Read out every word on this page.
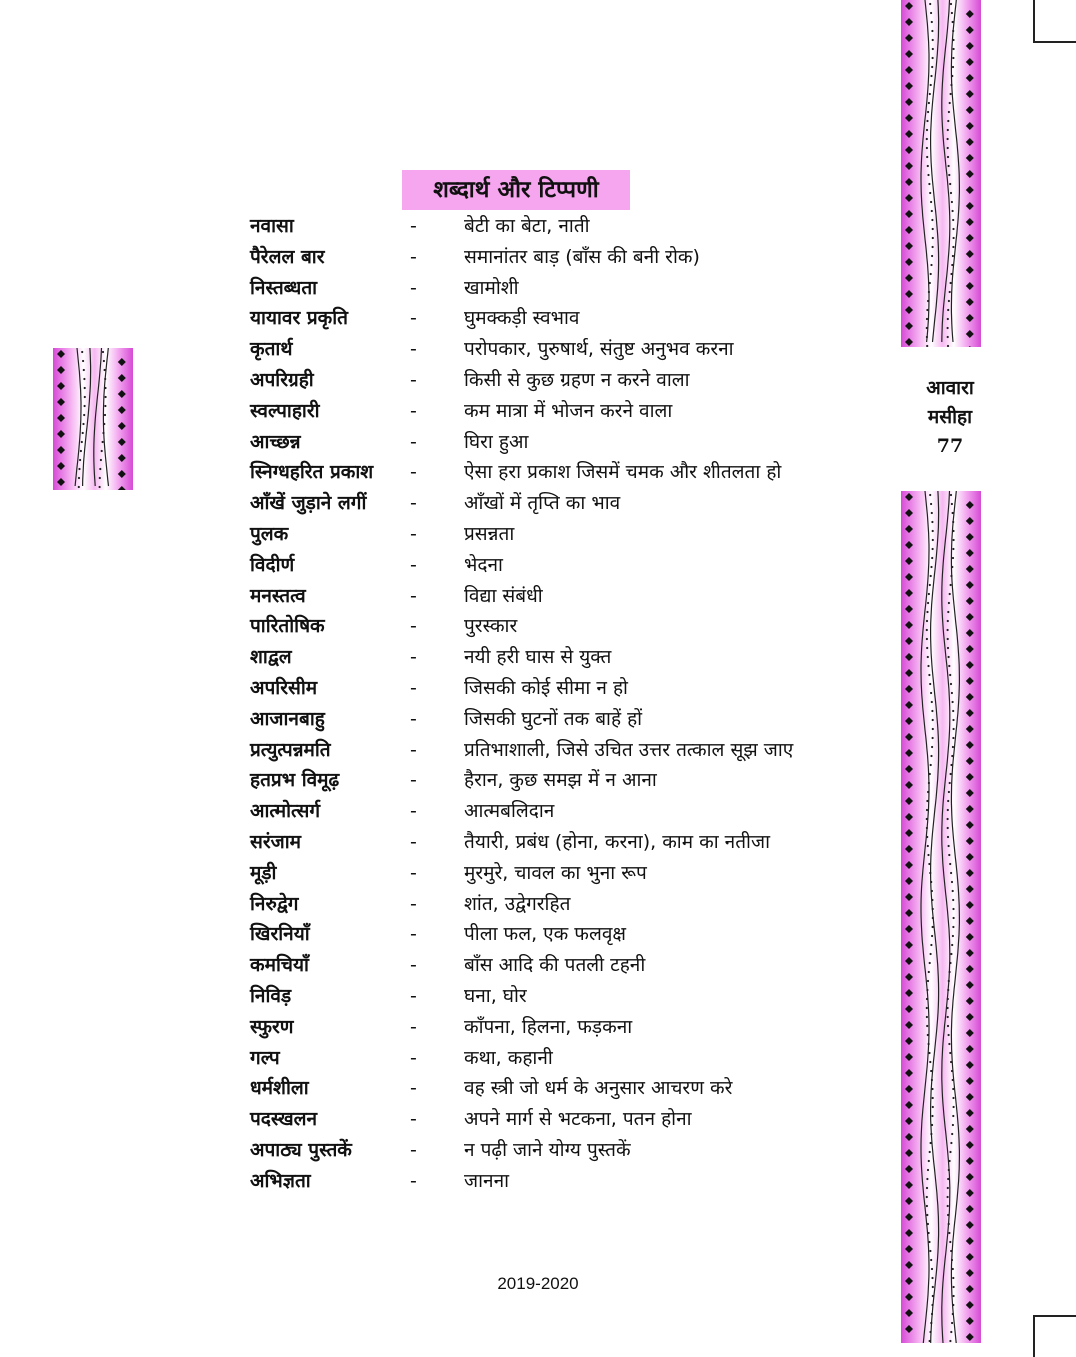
आवारा
मसीहा
77
शब्दार्थ और टिप्पणी
नवासा	- बेटी का बेटा, नाती
पैरेलल बार	- समानांतर बाड़ (बाँस की बनी रोक)
निस्तब्धता	- खामोशी
यायावर प्रकृति	- घुमक्कड़ी स्वभाव
कृतार्थ	- परोपकार, पुरुषार्थ, संतुष्ट अनुभव करना
अपरिग्रही	- किसी से कुछ ग्रहण न करने वाला
स्वल्पाहारी	- कम मात्रा में भोजन करने वाला
आच्छन्न	- घिरा हुआ
स्निग्धहरित प्रकाश - ऐसा हरा प्रकाश जिसमें चमक और शीतलता हो
आँखें जुड़ाने लगीं - आँखों में तृप्ति का भाव
पुलक	- प्रसन्नता
विदीर्ण	- भेदना
मनस्तत्व	- विद्या संबंधी
पारितोषिक	- पुरस्कार
शाद्वल	- नयी हरी घास से युक्त
अपरिसीम	- जिसकी कोई सीमा न हो
आजानबाहु	- जिसकी घुटनों तक बाहें हों
प्रत्युत्पन्नमति	- प्रतिभाशाली, जिसे उचित उत्तर तत्काल सूझ जाए
हतप्रभ विमूढ़	- हैरान, कुछ समझ में न आना
आत्मोत्सर्ग	- आत्मबलिदान
सरंजाम	- तैयारी, प्रबंध (होना, करना), काम का नतीजा
मूड़ी	- मुरमुरे, चावल का भुना रूप
निरुद्वेग	- शांत, उद्वेगरहित
खिरनियाँ	- पीला फल, एक फलवृक्ष
कमचियाँ	- बाँस आदि की पतली टहनी
निविड़	- घना, घोर
स्फुरण	- काँपना, हिलना, फड़कना
गल्प	- कथा, कहानी
धर्मशीला	- वह स्त्री जो धर्म के अनुसार आचरण करे
पदस्खलन	- अपने मार्ग से भटकना, पतन होना
अपाठ्य पुस्तकें	- न पढ़ी जाने योग्य पुस्तकें
अभिज्ञता	- जानना
2019-2020
